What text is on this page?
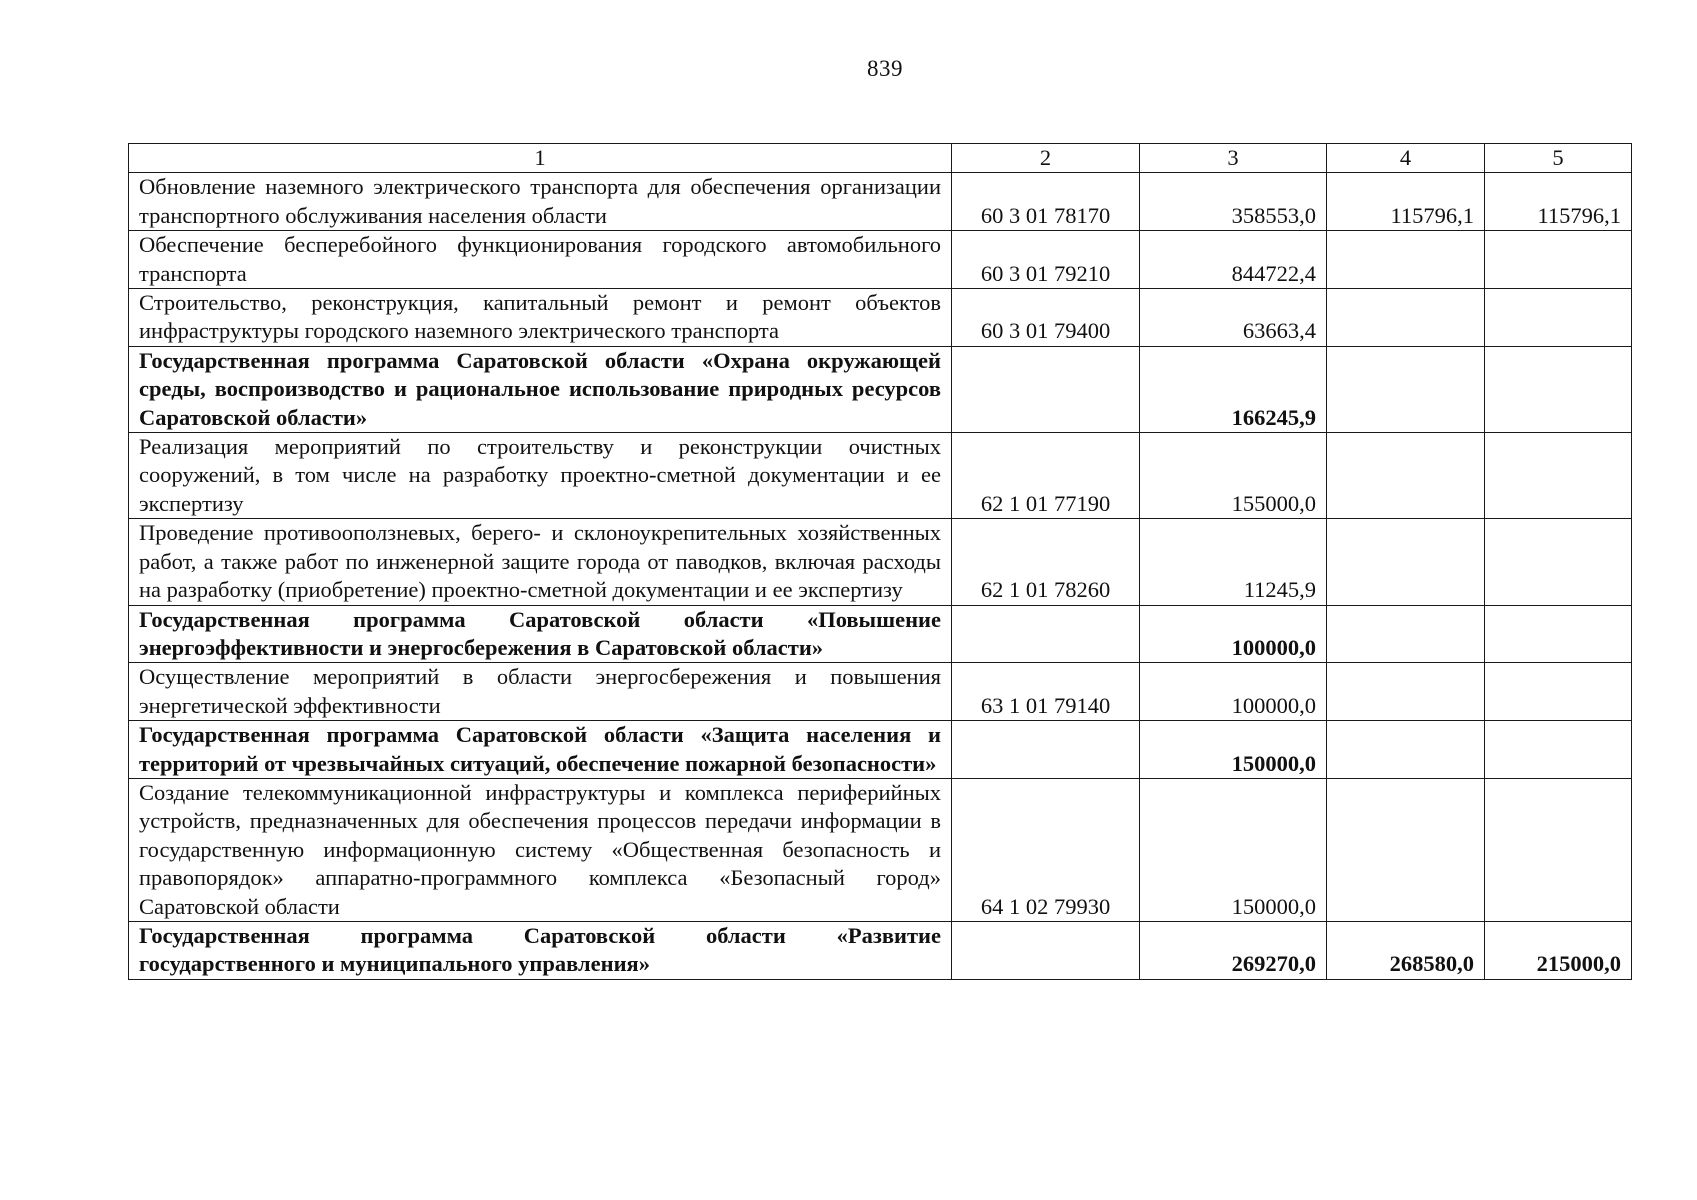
839
1	2	3	4	5
Обновление наземного электрического транспорта для обеспечения организации транспортного обслуживания населения области	60 3 01 78170	358553,0	115796,1	115796,1
Обеспечение бесперебойного функционирования городского автомобильного транспорта	60 3 01 79210	844722,4		
Строительство, реконструкция, капитальный ремонт и ремонт объектов инфраструктуры городского наземного электрического транспорта	60 3 01 79400	63663,4		
Государственная программа Саратовской области «Охрана окружающей среды, воспроизводство и рациональное использование природных ресурсов Саратовской области»		166245,9		
Реализация мероприятий по строительству и реконструкции очистных сооружений, в том числе на разработку проектно-сметной документации и ее экспертизу	62 1 01 77190	155000,0		
Проведение противооползневых, берего- и склоноукрепительных хозяйственных работ, а также работ по инженерной защите города от паводков, включая расходы на разработку (приобретение) проектно-сметной документации и ее экспертизу	62 1 01 78260	11245,9		
Государственная программа Саратовской области «Повышение энергоэффективности и энергосбережения в Саратовской области»		100000,0		
Осуществление мероприятий в области энергосбережения и повышения энергетической эффективности	63 1 01 79140	100000,0		
Государственная программа Саратовской области «Защита населения и территорий от чрезвычайных ситуаций, обеспечение пожарной безопасности»		150000,0		
Создание телекоммуникационной инфраструктуры и комплекса периферийных устройств, предназначенных для обеспечения процессов передачи информации в государственную информационную систему «Общественная безопасность и правопорядок» аппаратно-программного комплекса «Безопасный город» Саратовской области	64 1 02 79930	150000,0		
Государственная программа Саратовской области «Развитие государственного и муниципального управления»		269270,0	268580,0	215000,0
